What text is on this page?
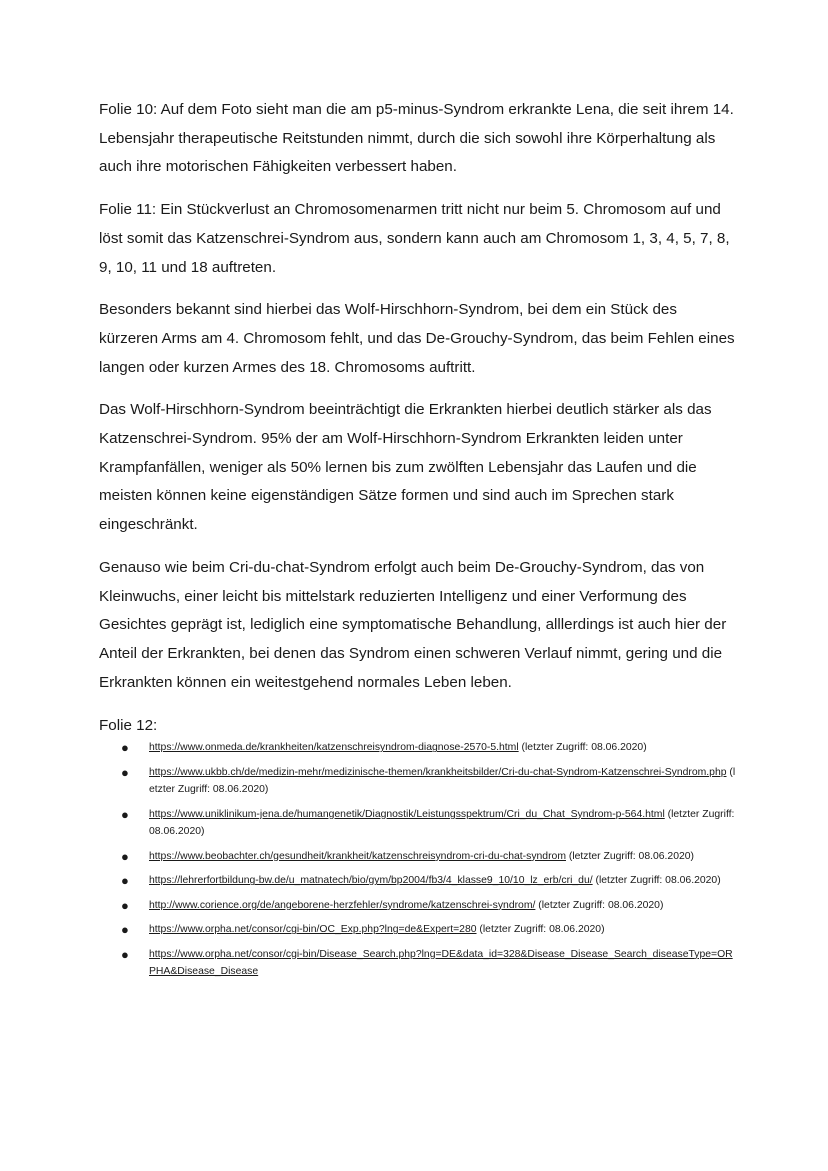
Folie 10: Auf dem Foto sieht man die am p5-minus-Syndrom erkrankte Lena, die seit ihrem 14. Lebensjahr therapeutische Reitstunden nimmt, durch die sich sowohl ihre Körperhaltung als auch ihre motorischen Fähigkeiten verbessert haben.

Folie 11: Ein Stückverlust an Chromosomenarmen tritt nicht nur beim 5. Chromosom auf und löst somit das Katzenschrei-Syndrom aus, sondern kann auch am Chromosom 1, 3, 4, 5, 7, 8, 9, 10, 11 und 18 auftreten.

Besonders bekannt sind hierbei das Wolf-Hirschhorn-Syndrom, bei dem ein Stück des kürzeren Arms am 4. Chromosom fehlt, und das De-Grouchy-Syndrom, das beim Fehlen eines langen oder kurzen Armes des 18. Chromosoms auftritt.

Das Wolf-Hirschhorn-Syndrom beeinträchtigt die Erkrankten hierbei deutlich stärker als das Katzenschrei-Syndrom. 95% der am Wolf-Hirschhorn-Syndrom Erkrankten leiden unter Krampfanfällen, weniger als 50% lernen bis zum zwölften Lebensjahr das Laufen und die meisten können keine eigenständigen Sätze formen und sind auch im Sprechen stark eingeschränkt.

Genauso wie beim Cri-du-chat-Syndrom erfolgt auch beim De-Grouchy-Syndrom, das von Kleinwuchs, einer leicht bis mittelstark reduzierten Intelligenz und einer Verformung des Gesichtes geprägt ist, lediglich eine symptomatische Behandlung, alllerdings ist auch hier der Anteil der Erkrankten, bei denen das Syndrom einen schweren Verlauf nimmt, gering und die Erkrankten können ein weitestgehend normales Leben leben.

Folie 12:
● https://www.onmeda.de/krankheiten/katzenschreisyndrom-diagnose-2570-5.html (letzter Zugriff: 08.06.2020)
● https://www.ukbb.ch/de/medizin-mehr/medizinische-themen/krankheitsbilder/Cri-du-chat-Syndrom-Katzenschrei-Syndrom.php (letzter Zugriff: 08.06.2020)
● https://www.uniklinikum-jena.de/humangenetik/Diagnostik/Leistungsspektrum/Cri_du_Chat_Syndrom-p-564.html (letzter Zugriff: 08.06.2020)
● https://www.beobachter.ch/gesundheit/krankheit/katzenschreisyndrom-cri-du-chat-syndrom (letzter Zugriff: 08.06.2020)
● https://lehrerfortbildung-bw.de/u_matnatech/bio/gym/bp2004/fb3/4_klasse9_10/10_lz_erb/cri_du/ (letzter Zugriff: 08.06.2020)
● http://www.corience.org/de/angeborene-herzfehler/syndrome/katzenschrei-syndrom/ (letzter Zugriff: 08.06.2020)
● https://www.orpha.net/consor/cgi-bin/OC_Exp.php?lng=de&Expert=280 (letzter Zugriff: 08.06.2020)
● https://www.orpha.net/consor/cgi-bin/Disease_Search.php?lng=DE&data_id=328&Disease_Disease_Search_diseaseType=ORPHA&Disease_Disease
